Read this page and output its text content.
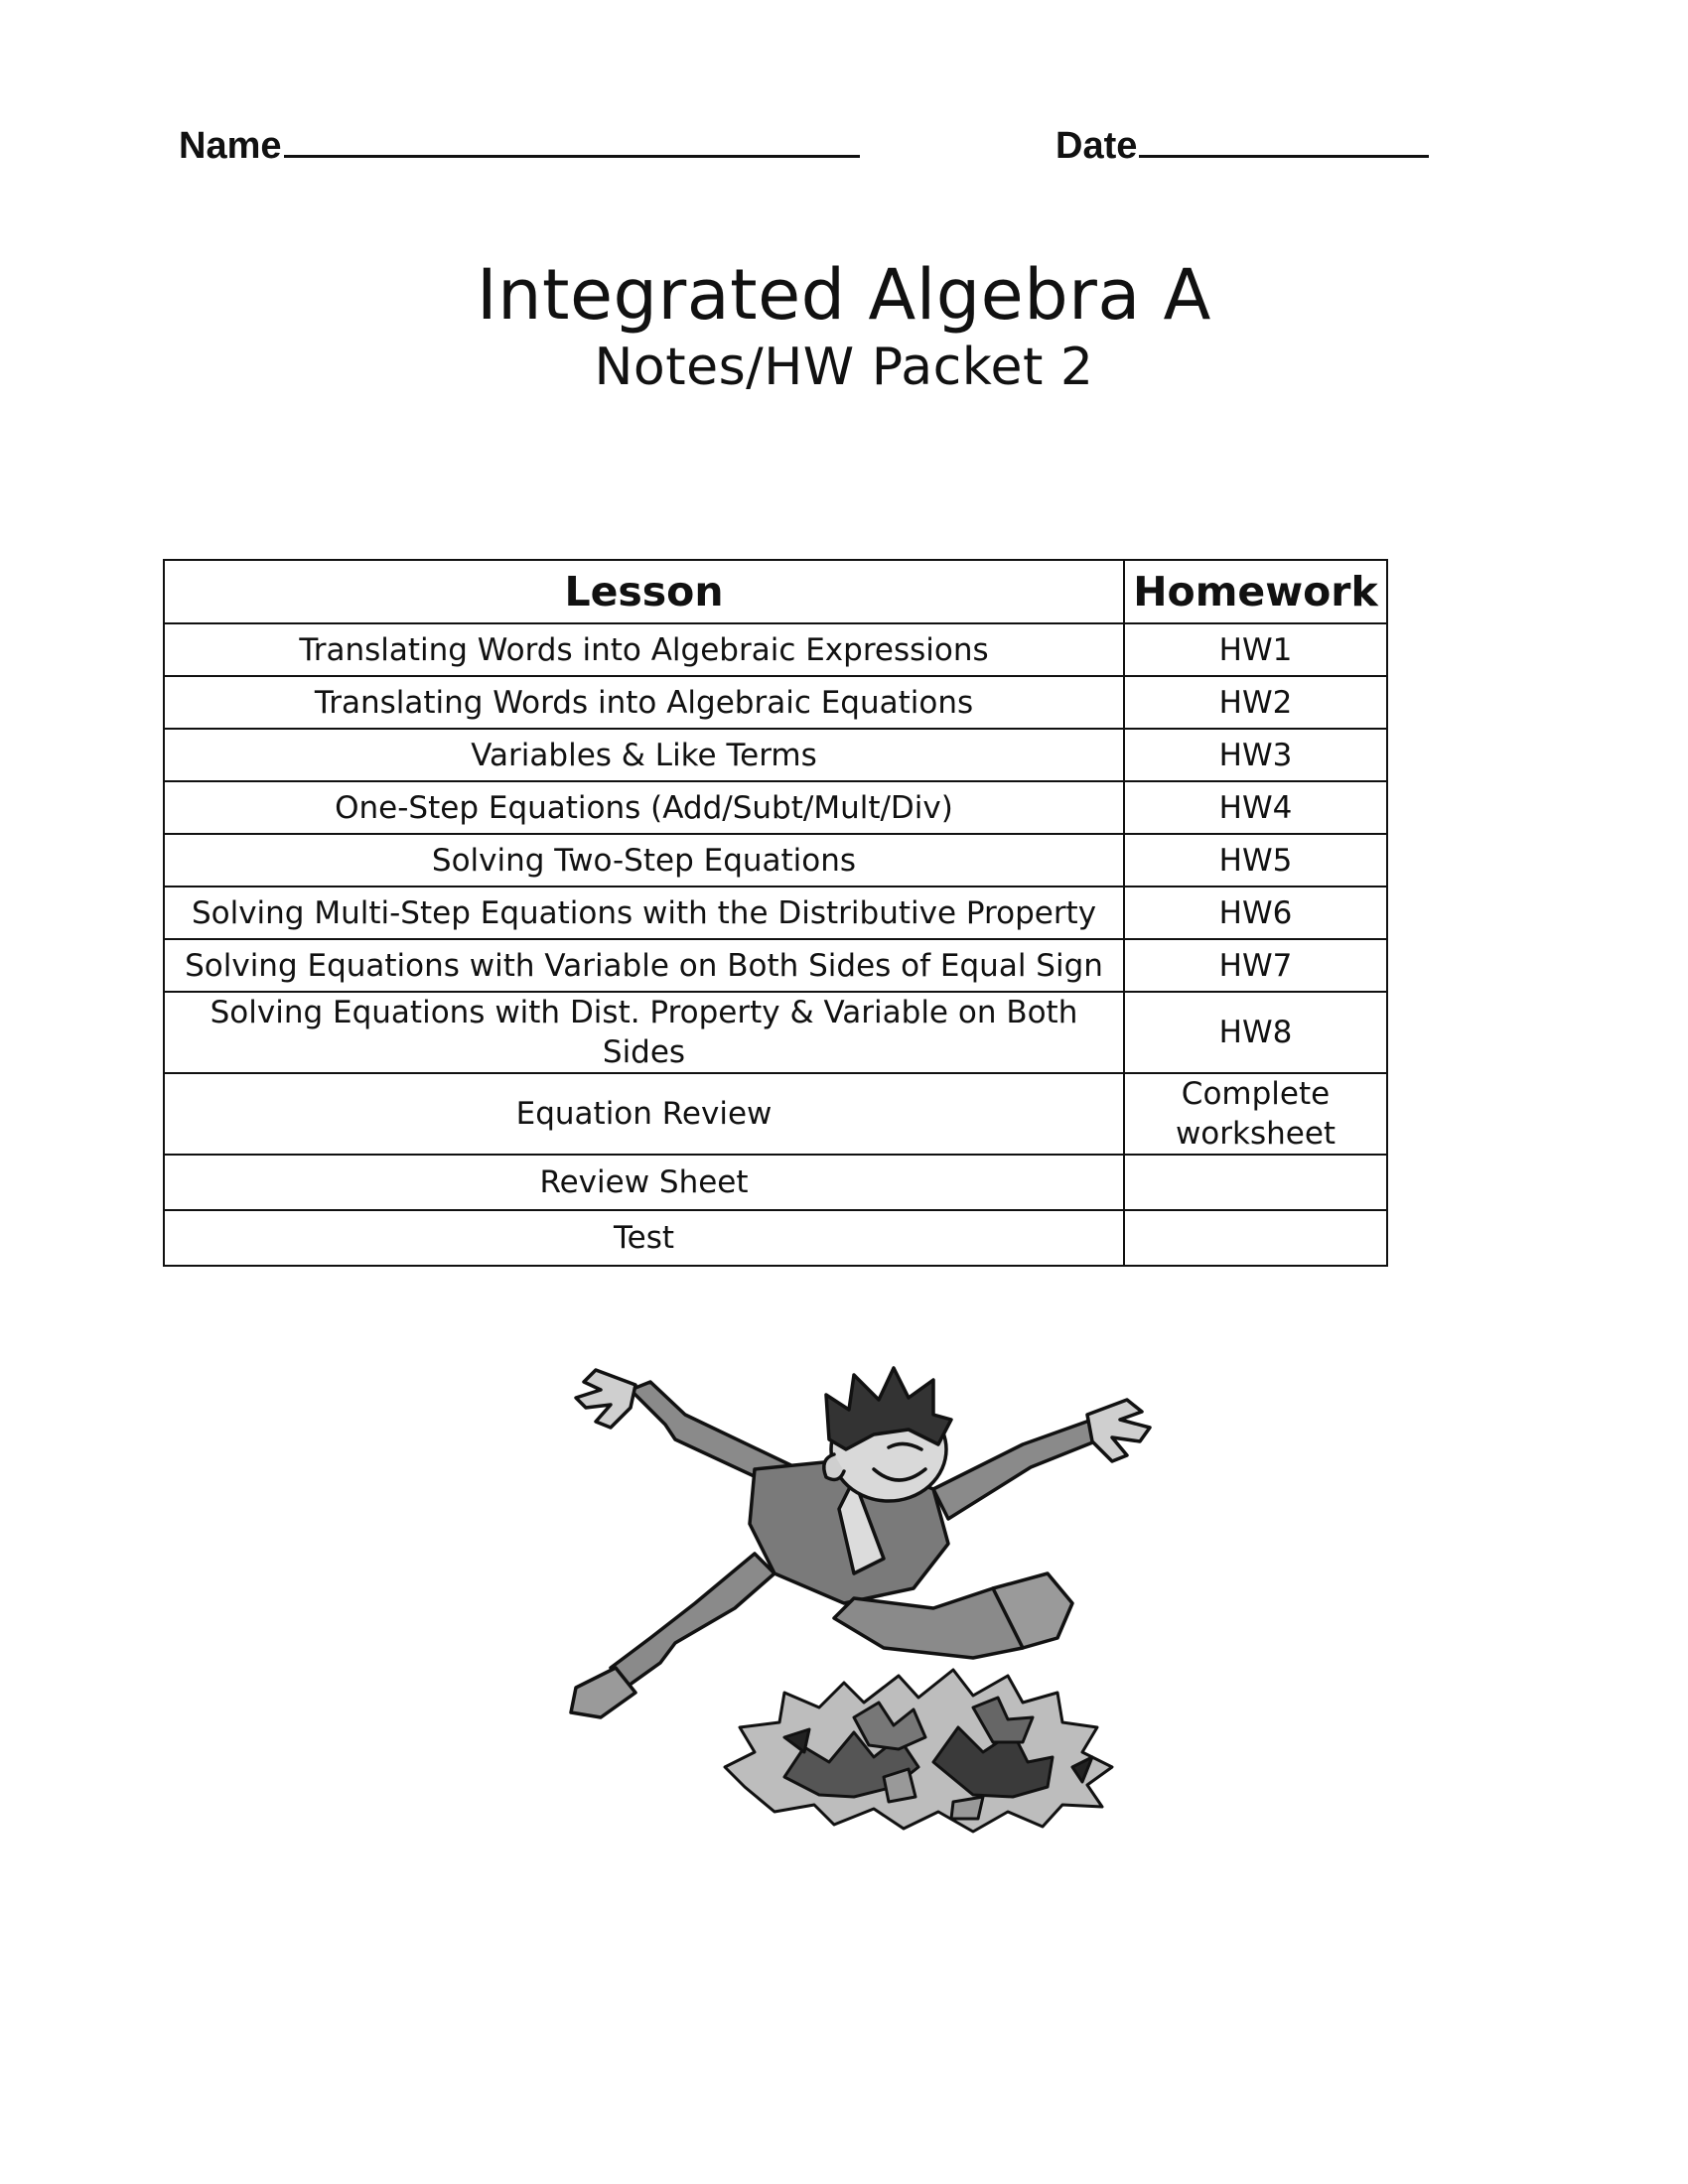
Name	Date
Integrated Algebra A
Notes/HW Packet 2
Lesson	Homework
Translating Words into Algebraic Expressions	HW1
Translating Words into Algebraic Equations	HW2
Variables & Like Terms	HW3
One-Step Equations (Add/Subt/Mult/Div)	HW4
Solving Two-Step Equations	HW5
Solving Multi-Step Equations with the Distributive Property	HW6
Solving Equations with Variable on Both Sides of Equal Sign	HW7
Solving Equations with Dist. Property & Variable on Both Sides	HW8
Equation Review	Complete worksheet
Review Sheet	
Test	
